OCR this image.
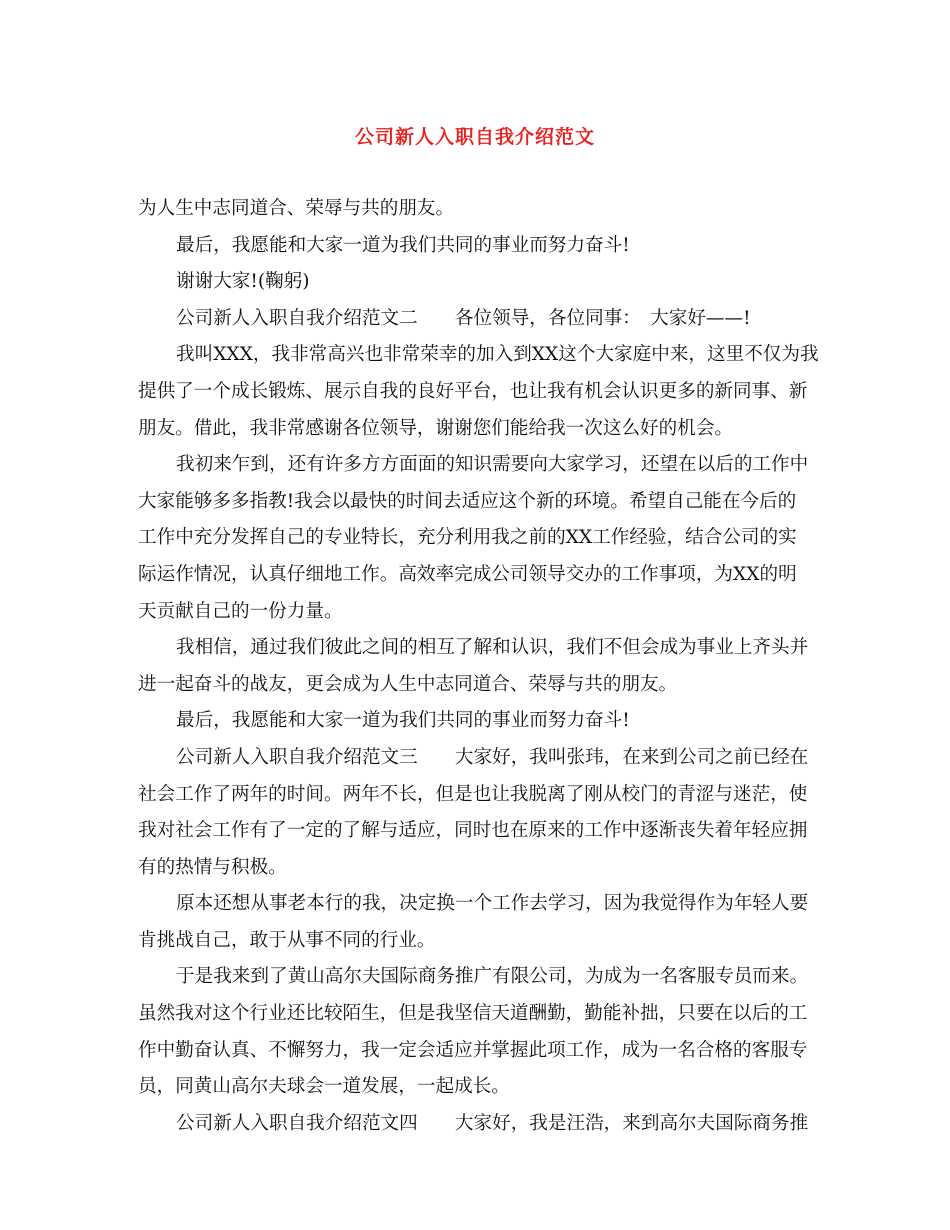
公司新人入职自我介绍范文
为人生中志同道合、荣辱与共的朋友。
最后，我愿能和大家一道为我们共同的事业而努力奋斗!
谢谢大家!(鞠躬)
公司新人入职自我介绍范文二　　各位领导，各位同事：　大家好——!
我叫XXX，我非常高兴也非常荣幸的加入到XX这个大家庭中来，这里不仅为我
提供了一个成长锻炼、展示自我的良好平台，也让我有机会认识更多的新同事、新
朋友。借此，我非常感谢各位领导，谢谢您们能给我一次这么好的机会。
我初来乍到，还有许多方方面面的知识需要向大家学习，还望在以后的工作中
大家能够多多指教!我会以最快的时间去适应这个新的环境。希望自己能在今后的
工作中充分发挥自己的专业特长，充分利用我之前的XX工作经验，结合公司的实
际运作情况，认真仔细地工作。高效率完成公司领导交办的工作事项，为XX的明
天贡献自己的一份力量。
我相信，通过我们彼此之间的相互了解和认识，我们不但会成为事业上齐头并
进一起奋斗的战友，更会成为人生中志同道合、荣辱与共的朋友。
最后，我愿能和大家一道为我们共同的事业而努力奋斗!
公司新人入职自我介绍范文三　　大家好，我叫张玮，在来到公司之前已经在
社会工作了两年的时间。两年不长，但是也让我脱离了刚从校门的青涩与迷茫，使
我对社会工作有了一定的了解与适应，同时也在原来的工作中逐渐丧失着年轻应拥
有的热情与积极。
原本还想从事老本行的我，决定换一个工作去学习，因为我觉得作为年轻人要
肯挑战自己，敢于从事不同的行业。
于是我来到了黄山高尔夫国际商务推广有限公司，为成为一名客服专员而来。
虽然我对这个行业还比较陌生，但是我坚信天道酬勤，勤能补拙，只要在以后的工
作中勤奋认真、不懈努力，我一定会适应并掌握此项工作，成为一名合格的客服专
员，同黄山高尔夫球会一道发展，一起成长。
公司新人入职自我介绍范文四　　大家好，我是汪浩，来到高尔夫国际商务推
